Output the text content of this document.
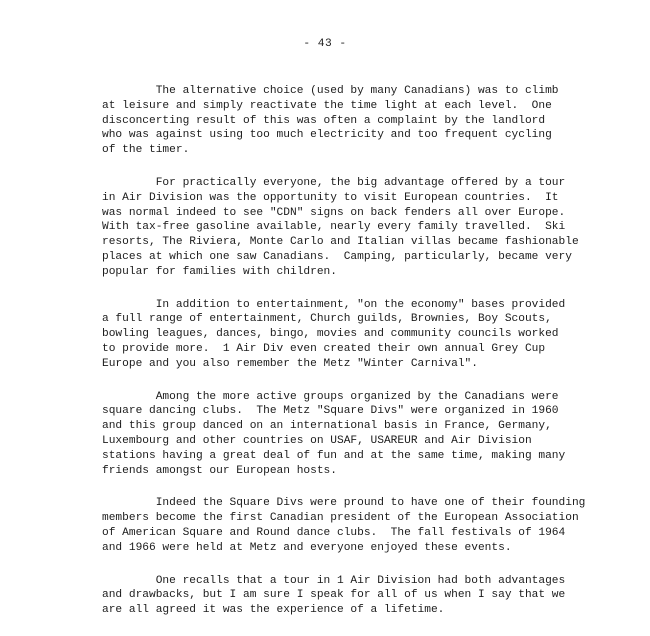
- 43 -

The alternative choice (used by many Canadians) was to climb
at leisure and simply reactivate the time light at each level.  One
disconcerting result of this was often a complaint by the landlord
who was against using too much electricity and too frequent cycling
of the timer.

For practically everyone, the big advantage offered by a tour
in Air Division was the opportunity to visit European countries.  It
was normal indeed to see "CDN" signs on back fenders all over Europe.
With tax-free gasoline available, nearly every family travelled.  Ski
resorts, The Riviera, Monte Carlo and Italian villas became fashionable
places at which one saw Canadians.  Camping, particularly, became very
popular for families with children.

In addition to entertainment, "on the economy" bases provided
a full range of entertainment, Church guilds, Brownies, Boy Scouts,
bowling leagues, dances, bingo, movies and community councils worked
to provide more.  1 Air Div even created their own annual Grey Cup
Europe and you also remember the Metz "Winter Carnival".

Among the more active groups organized by the Canadians were
square dancing clubs.  The Metz "Square Divs" were organized in 1960
and this group danced on an international basis in France, Germany,
Luxembourg and other countries on USAF, USAREUR and Air Division
stations having a great deal of fun and at the same time, making many
friends amongst our European hosts.

Indeed the Square Divs were pround to have one of their founding
members become the first Canadian president of the European Association
of American Square and Round dance clubs.  The fall festivals of 1964
and 1966 were held at Metz and everyone enjoyed these events.

One recalls that a tour in 1 Air Division had both advantages
and drawbacks, but I am sure I speak for all of us when I say that we
are all agreed it was the experience of a lifetime.
